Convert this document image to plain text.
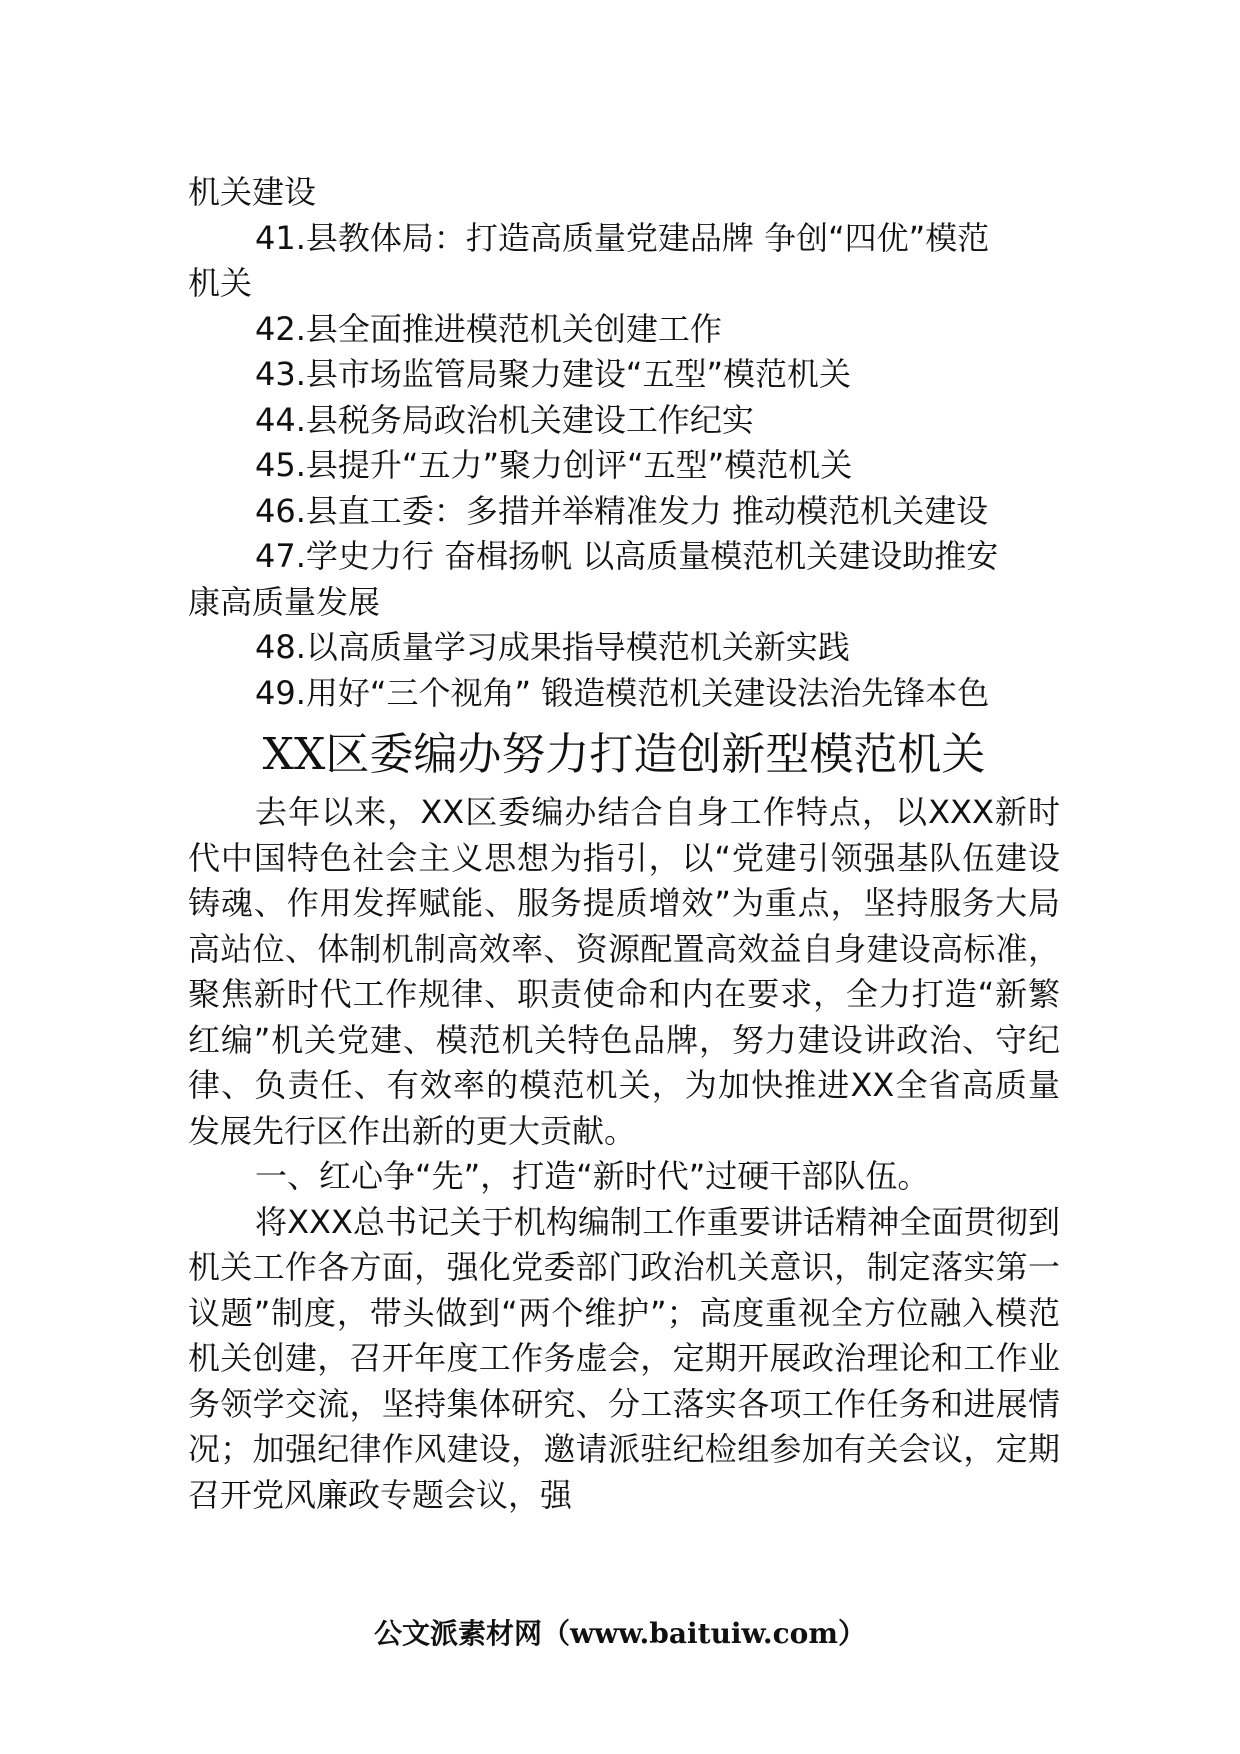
机关建设
41.县教体局：打造高质量党建品牌 争创“四优”模范
机关
42.县全面推进模范机关创建工作
43.县市场监管局聚力建设“五型”模范机关
44.县税务局政治机关建设工作纪实
45.县提升“五力”聚力创评“五型”模范机关
46.县直工委：多措并举精准发力 推动模范机关建设
47.学史力行 奋楫扬帆 以高质量模范机关建设助推安
康高质量发展
48.以高质量学习成果指导模范机关新实践
49.用好“三个视角” 锻造模范机关建设法治先锋本色
XX区委编办努力打造创新型模范机关

去年以来，XX区委编办结合自身工作特点，以XXX新时代中国特色社会主义思想为指引，以“党建引领强基队伍建设铸魂、作用发挥赋能、服务提质增效”为重点，坚持服务大局高站位、体制机制高效率、资源配置高效益自身建设高标准，聚焦新时代工作规律、职责使命和内在要求，全力打造“新繁红编”机关党建、模范机关特色品牌，努力建设讲政治、守纪律、负责任、有效率的模范机关，为加快推进XX全省高质量发展先行区作出新的更大贡献。

一、红心争“先”，打造“新时代”过硬干部队伍。

将XXX总书记关于机构编制工作重要讲话精神全面贯彻到机关工作各方面，强化党委部门政治机关意识，制定落实第一议题”制度，带头做到“两个维护”；高度重视全方位融入模范机关创建，召开年度工作务虚会，定期开展政治理论和工作业务领学交流，坚持集体研究、分工落实各项工作任务和进展情况；加强纪律作风建设，邀请派驻纪检组参加有关会议，定期召开党风廉政专题会议，强

公文派素材网（www.baitui​w.com）
